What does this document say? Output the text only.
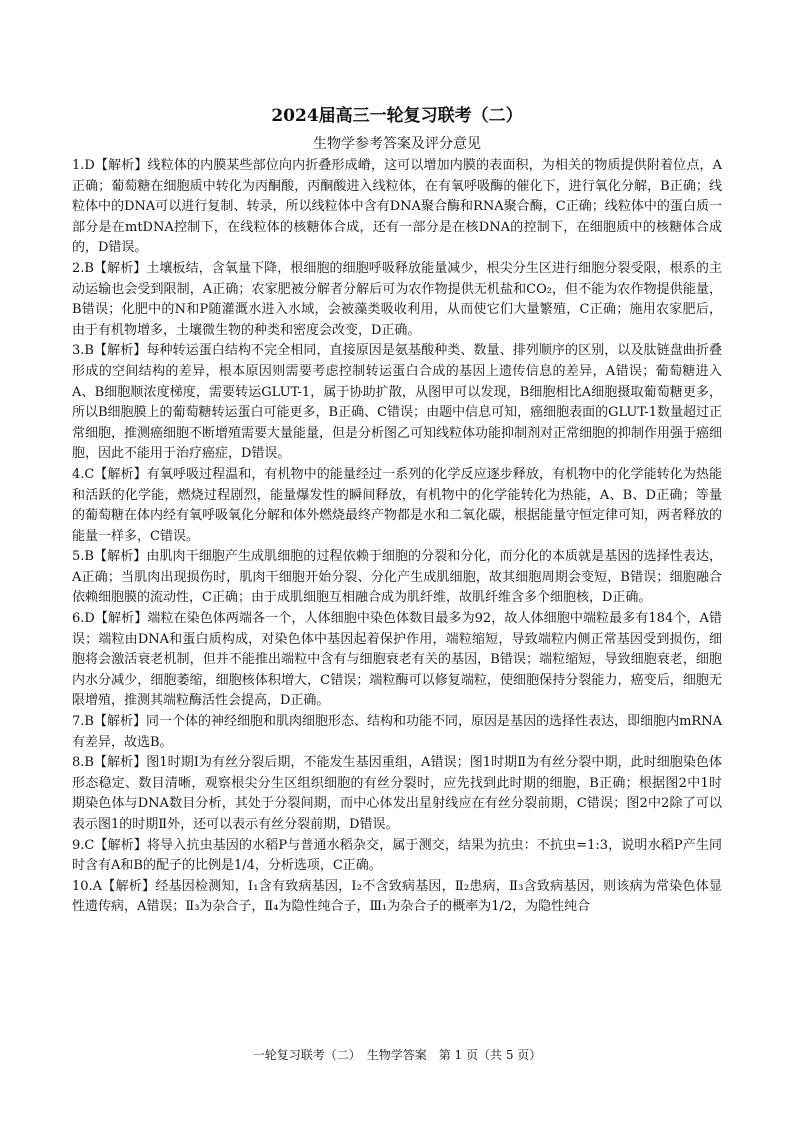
2024届高三一轮复习联考（二）
生物学参考答案及评分意见

1.D【解析】线粒体的内膜某些部位向内折叠形成嵴，这可以增加内膜的表面积，为相关的物质提供附着位点，A正确；葡萄糖在细胞质中转化为丙酮酸，丙酮酸进入线粒体，在有氧呼吸酶的催化下，进行氧化分解，B正确；线粒体中的DNA可以进行复制、转录，所以线粒体中含有DNA聚合酶和RNA聚合酶，C正确；线粒体中的蛋白质一部分是在mtDNA控制下，在线粒体的核糖体合成，还有一部分是在核DNA的控制下，在细胞质中的核糖体合成的，D错误。

2.B【解析】土壤板结，含氧量下降，根细胞的细胞呼吸释放能量减少，根尖分生区进行细胞分裂受限，根系的主动运输也会受到限制，A正确；农家肥被分解者分解后可为农作物提供无机盐和CO₂，但不能为农作物提供能量，B错误；化肥中的N和P随灌溉水进入水域，会被藻类吸收利用，从而使它们大量繁殖，C正确；施用农家肥后，由于有机物增多，土壤微生物的种类和密度会改变，D正确。

3.B【解析】每种转运蛋白结构不完全相同，直接原因是氨基酸种类、数量、排列顺序的区别，以及肽链盘曲折叠形成的空间结构的差异，根本原因则需要考虑控制转运蛋白合成的基因上遗传信息的差异，A错误；葡萄糖进入A、B细胞顺浓度梯度，需要转运GLUT-1，属于协助扩散，从图甲可以发现，B细胞相比A细胞摄取葡萄糖更多，所以B细胞膜上的葡萄糖转运蛋白可能更多，B正确、C错误；由题中信息可知，癌细胞表面的GLUT-1数量超过正常细胞，推测癌细胞不断增殖需要大量能量，但是分析图乙可知线粒体功能抑制剂对正常细胞的抑制作用强于癌细胞，因此不能用于治疗癌症，D错误。

4.C【解析】有氧呼吸过程温和，有机物中的能量经过一系列的化学反应逐步释放，有机物中的化学能转化为热能和活跃的化学能，燃烧过程剧烈，能量爆发性的瞬间释放，有机物中的化学能转化为热能，A、B、D正确；等量的葡萄糖在体内经有氧呼吸氧化分解和体外燃烧最终产物都是水和二氧化碳，根据能量守恒定律可知，两者释放的能量一样多，C错误。

5.B【解析】由肌肉干细胞产生成肌细胞的过程依赖于细胞的分裂和分化，而分化的本质就是基因的选择性表达，A正确；当肌肉出现损伤时，肌肉干细胞开始分裂、分化产生成肌细胞，故其细胞周期会变短，B错误；细胞融合依赖细胞膜的流动性，C正确；由于成肌细胞互相融合成为肌纤维，故肌纤维含多个细胞核，D正确。

6.D【解析】端粒在染色体两端各一个，人体细胞中染色体数目最多为92，故人体细胞中端粒最多有184个，A错误；端粒由DNA和蛋白质构成，对染色体中基因起着保护作用，端粒缩短，导致端粒内侧正常基因受到损伤，细胞将会激活衰老机制，但并不能推出端粒中含有与细胞衰老有关的基因，B错误；端粒缩短，导致细胞衰老，细胞内水分减少，细胞萎缩，细胞核体积增大，C错误；端粒酶可以修复端粒，使细胞保持分裂能力，癌变后，细胞无限增殖，推测其端粒酶活性会提高，D正确。

7.B【解析】同一个体的神经细胞和肌肉细胞形态、结构和功能不同，原因是基因的选择性表达，即细胞内mRNA有差异，故选B。

8.B【解析】图1时期Ⅰ为有丝分裂后期，不能发生基因重组，A错误；图1时期Ⅱ为有丝分裂中期，此时细胞染色体形态稳定、数目清晰，观察根尖分生区组织细胞的有丝分裂时，应先找到此时期的细胞，B正确；根据图2中1时期染色体与DNA数目分析，其处于分裂间期，而中心体发出星射线应在有丝分裂前期，C错误；图2中2除了可以表示图1的时期Ⅱ外，还可以表示有丝分裂前期，D错误。

9.C【解析】将导入抗虫基因的水稻P与普通水稻杂交，属于测交，结果为抗虫：不抗虫=1:3，说明水稻P产生同时含有A和B的配子的比例是1/4，分析选项，C正确。

10.A【解析】经基因检测知，Ⅰ₁含有致病基因，Ⅰ₂不含致病基因，Ⅱ₂患病，Ⅱ₃含致病基因，则该病为常染色体显性遗传病，A错误；Ⅱ₃为杂合子，Ⅱ₄为隐性纯合子，Ⅲ₁为杂合子的概率为1/2，为隐性纯合

一轮复习联考（二）　生物学答案　第 1 页（共 5 页）
